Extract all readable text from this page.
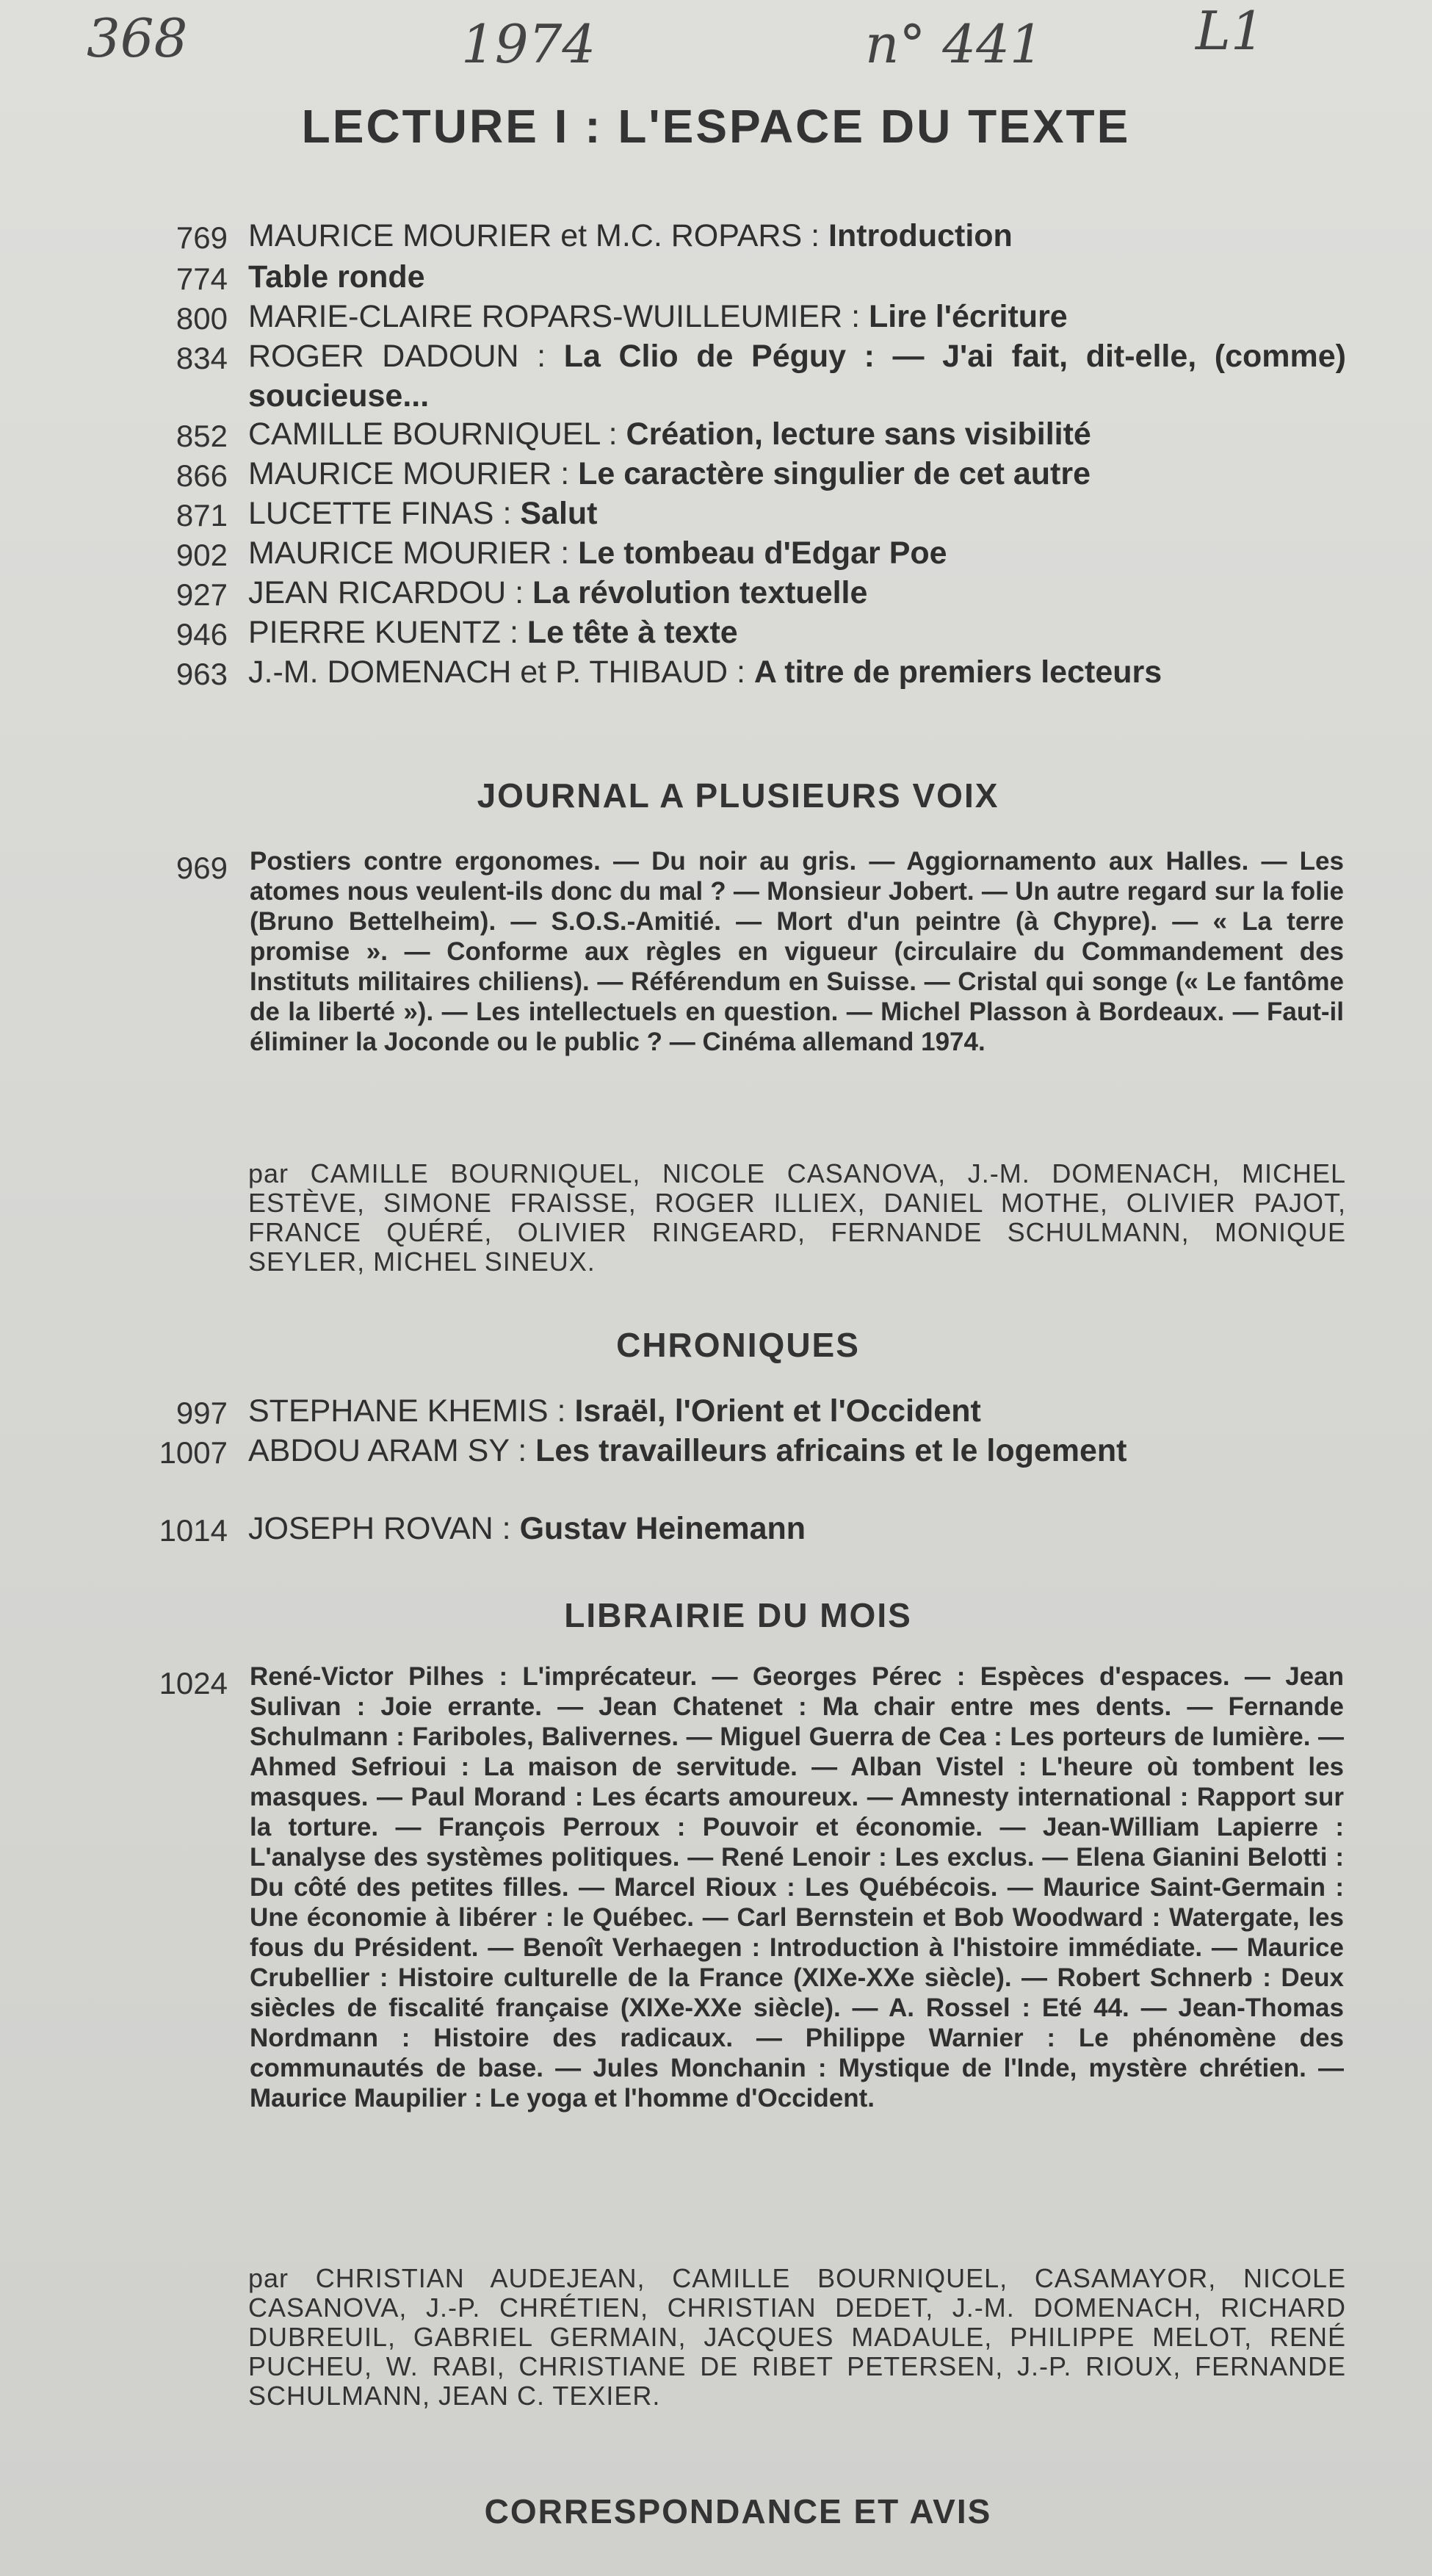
368	1974	n° 441	L1
LECTURE I : L'ESPACE DU TEXTE
769 MAURICE MOURIER et M.C. ROPARS : Introduction
774 Table ronde
800 MARIE-CLAIRE ROPARS-WUILLEUMIER : Lire l'écriture
834 ROGER DADOUN : La Clio de Péguy : — J'ai fait, dit-elle, (comme) soucieuse...
852 CAMILLE BOURNIQUEL : Création, lecture sans visibilité
866 MAURICE MOURIER : Le caractère singulier de cet autre
871 LUCETTE FINAS : Salut
902 MAURICE MOURIER : Le tombeau d'Edgar Poe
927 JEAN RICARDOU : La révolution textuelle
946 PIERRE KUENTZ : Le tête à texte
963 J.-M. DOMENACH et P. THIBAUD : A titre de premiers lecteurs
JOURNAL A PLUSIEURS VOIX
969 Postiers contre ergonomes. — Du noir au gris. — Aggiornamento aux Halles. — Les atomes nous veulent-ils donc du mal ? — Monsieur Jobert. — Un autre regard sur la folie (Bruno Bettelheim). — S.O.S.-Amitié. — Mort d'un peintre (à Chypre). — « La terre promise ». — Conforme aux règles en vigueur (circulaire du Commandement des Instituts militaires chiliens). — Référendum en Suisse. — Cristal qui songe (« Le fantôme de la liberté »). — Les intellectuels en question. — Michel Plasson à Bordeaux. — Faut-il éliminer la Joconde ou le public ? — Cinéma allemand 1974.
par CAMILLE BOURNIQUEL, NICOLE CASANOVA, J.-M. DOMENACH, MICHEL ESTÈVE, SIMONE FRAISSE, ROGER ILLIEX, DANIEL MOTHE, OLIVIER PAJOT, FRANCE QUÉRÉ, OLIVIER RINGEARD, FERNANDE SCHULMANN, MONIQUE SEYLER, MICHEL SINEUX.
CHRONIQUES
997 STEPHANE KHEMIS : Israël, l'Orient et l'Occident
1007 ABDOU ARAM SY : Les travailleurs africains et le logement
1014 JOSEPH ROVAN : Gustav Heinemann
LIBRAIRIE DU MOIS
1024 René-Victor Pilhes : L'imprécateur. — Georges Pérec : Espèces d'espaces. — Jean Sulivan : Joie errante. — Jean Chatenet : Ma chair entre mes dents. — Fernande Schulmann : Fariboles, Balivernes. — Miguel Guerra de Cea : Les porteurs de lumière. — Ahmed Sefrioui : La maison de servitude. — Alban Vistel : L'heure où tombent les masques. — Paul Morand : Les écarts amoureux. — Amnesty international : Rapport sur la torture. — François Perroux : Pouvoir et économie. — Jean-William Lapierre : L'analyse des systèmes politiques. — René Lenoir : Les exclus. — Elena Gianini Belotti : Du côté des petites filles. — Marcel Rioux : Les Québécois. — Maurice Saint-Germain : Une économie à libérer : le Québec. — Carl Bernstein et Bob Woodward : Watergate, les fous du Président. — Benoît Verhaegen : Introduction à l'histoire immédiate. — Maurice Crubellier : Histoire culturelle de la France (XIXe-XXe siècle). — Robert Schnerb : Deux siècles de fiscalité française (XIXe-XXe siècle). — A. Rossel : Eté 44. — Jean-Thomas Nordmann : Histoire des radicaux. — Philippe Warnier : Le phénomène des communautés de base. — Jules Monchanin : Mystique de l'Inde, mystère chrétien. — Maurice Maupilier : Le yoga et l'homme d'Occident.
par CHRISTIAN AUDEJEAN, CAMILLE BOURNIQUEL, CASAMAYOR, NICOLE CASANOVA, J.-P. CHRÉTIEN, CHRISTIAN DEDET, J.-M. DOMENACH, RICHARD DUBREUIL, GABRIEL GERMAIN, JACQUES MADAULE, PHILIPPE MELOT, RENÉ PUCHEU, W. RABI, CHRISTIANE DE RIBET PETERSEN, J.-P. RIOUX, FERNANDE SCHULMANN, JEAN C. TEXIER.
CORRESPONDANCE ET AVIS
